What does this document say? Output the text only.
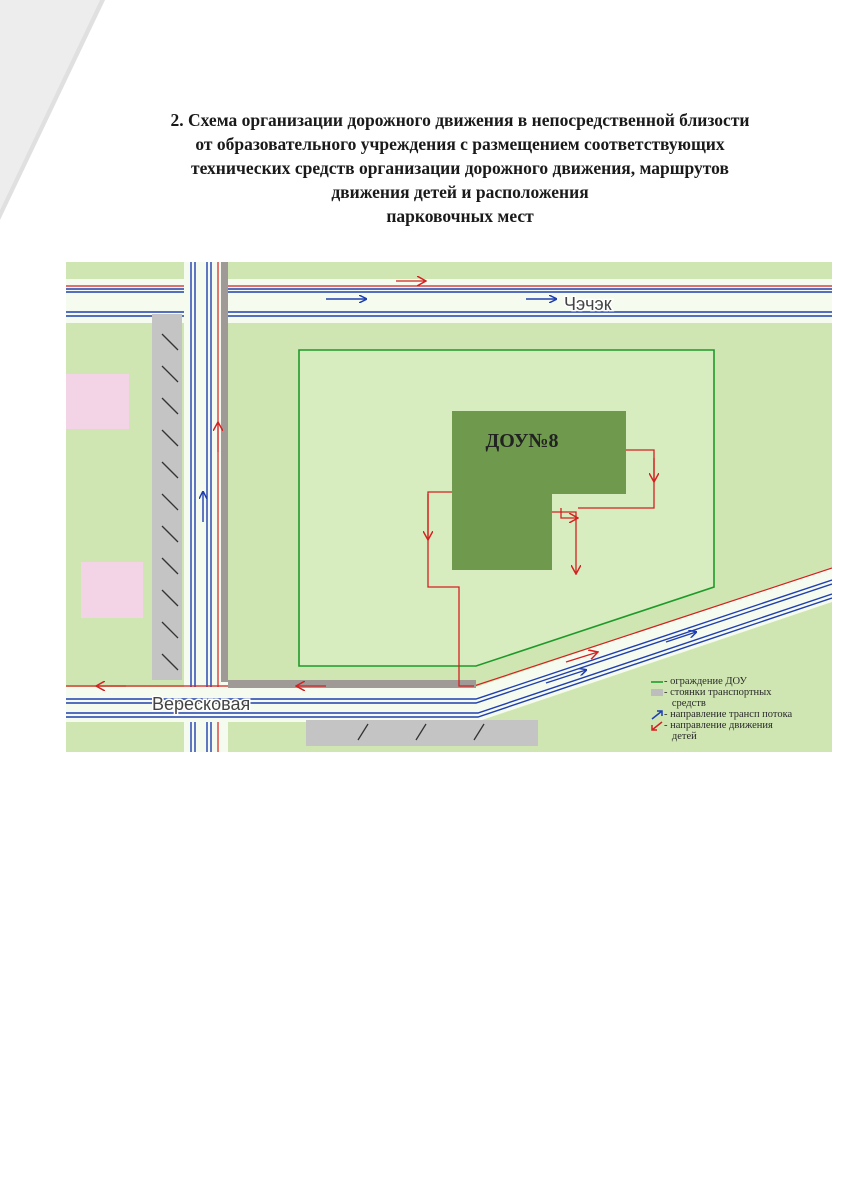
2. Схема организации дорожного движения в непосредственной близости
от образовательного учреждения с размещением соответствующих
технических средств организации дорожного движения, маршрутов
движения детей и расположения
парковочных мест
ДОУ№8
Чэчэк
Вересковая
- ограждение ДОУ
- стоянки транспортных
средств
- направление трансп потока
- направление движения
детей
